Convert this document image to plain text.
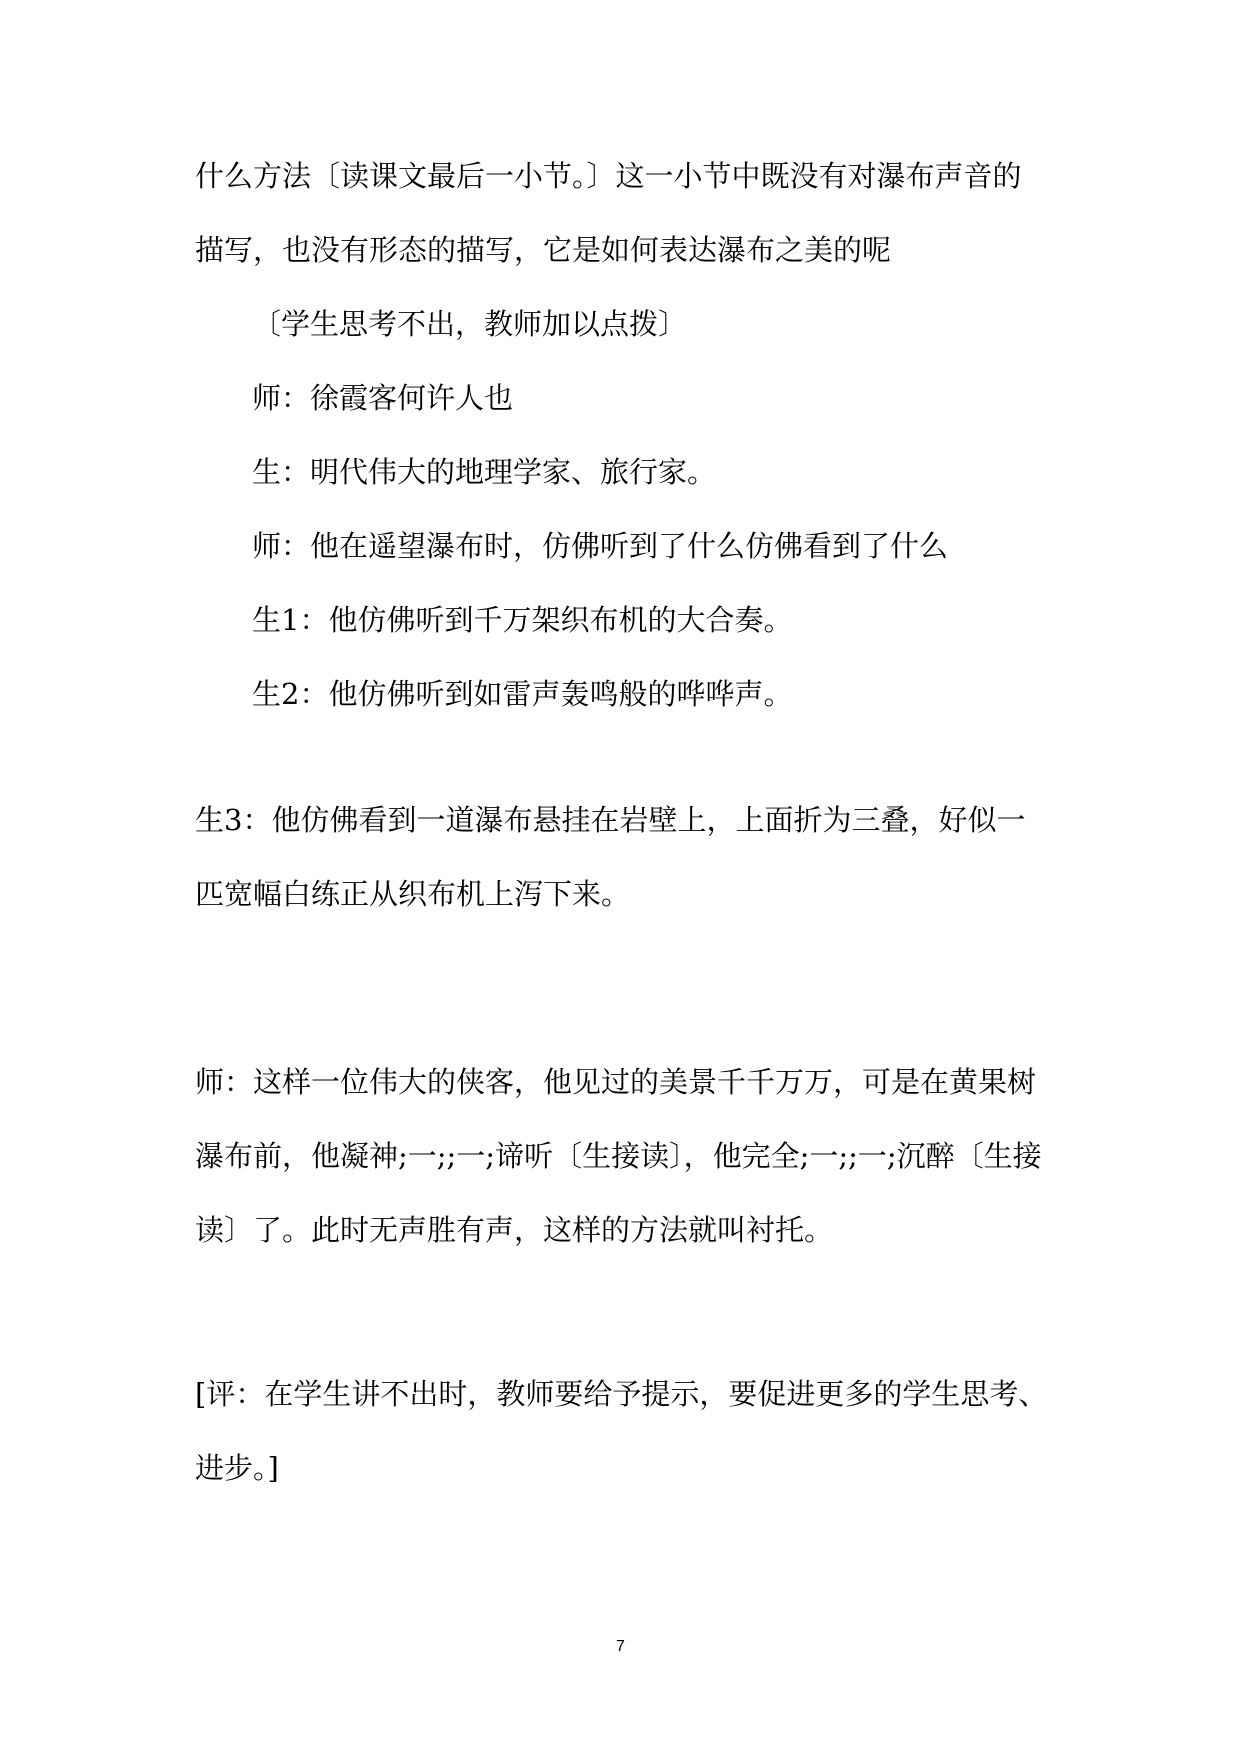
什么方法〔读课文最后一小节。〕这一小节中既没有对瀑布声音的
描写，也没有形态的描写，它是如何表达瀑布之美的呢
〔学生思考不出，教师加以点拨〕
师：徐霞客何许人也
生：明代伟大的地理学家、旅行家。
师：他在遥望瀑布时，仿佛听到了什么仿佛看到了什么
生1：他仿佛听到千万架织布机的大合奏。
生2：他仿佛听到如雷声轰鸣般的哗哗声。
生3：他仿佛看到一道瀑布悬挂在岩壁上，上面折为三叠，好似一
匹宽幅白练正从织布机上泻下来。
师：这样一位伟大的侠客，他见过的美景千千万万，可是在黄果树
瀑布前，他凝神;一;;一;谛听〔生接读〕，他完全;一;;一;沉醉〔生接
读〕了。此时无声胜有声，这样的方法就叫衬托。
[评：在学生讲不出时，教师要给予提示，要促进更多的学生思考、
进步。]
7
